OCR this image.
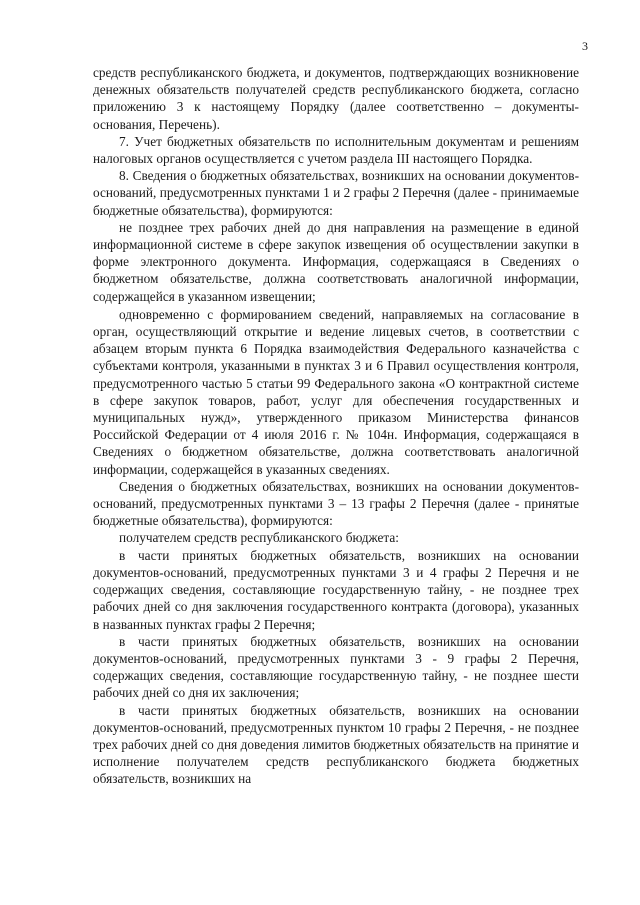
3

средств республиканского бюджета, и документов, подтверждающих возникновение денежных обязательств получателей средств республиканского бюджета, согласно приложению 3 к настоящему Порядку (далее соответственно – документы-основания, Перечень).

7. Учет бюджетных обязательств по исполнительным документам и решениям налоговых органов осуществляется с учетом раздела III настоящего Порядка.

8. Сведения о бюджетных обязательствах, возникших на основании документов-оснований, предусмотренных пунктами 1 и 2 графы 2 Перечня (далее - принимаемые бюджетные обязательства), формируются:

не позднее трех рабочих дней до дня направления на размещение в единой информационной системе в сфере закупок извещения об осуществлении закупки в форме электронного документа. Информация, содержащаяся в Сведениях о бюджетном обязательстве, должна соответствовать аналогичной информации, содержащейся в указанном извещении;

одновременно с формированием сведений, направляемых на согласование в орган, осуществляющий открытие и ведение лицевых счетов, в соответствии с абзацем вторым пункта 6 Порядка взаимодействия Федерального казначейства с субъектами контроля, указанными в пунктах 3 и 6 Правил осуществления контроля, предусмотренного частью 5 статьи 99 Федерального закона «О контрактной системе в сфере закупок товаров, работ, услуг для обеспечения государственных и муниципальных нужд», утвержденного приказом Министерства финансов Российской Федерации от 4 июля 2016 г. № 104н. Информация, содержащаяся в Сведениях о бюджетном обязательстве, должна соответствовать аналогичной информации, содержащейся в указанных сведениях.

Сведения о бюджетных обязательствах, возникших на основании документов-оснований, предусмотренных пунктами 3 – 13 графы 2 Перечня (далее - принятые бюджетные обязательства), формируются:

получателем средств республиканского бюджета:

в части принятых бюджетных обязательств, возникших на основании документов-оснований, предусмотренных пунктами 3 и 4 графы 2 Перечня и не содержащих сведения, составляющие государственную тайну, - не позднее трех рабочих дней со дня заключения государственного контракта (договора), указанных в названных пунктах графы 2 Перечня;

в части принятых бюджетных обязательств, возникших на основании документов-оснований, предусмотренных пунктами 3 - 9 графы 2 Перечня, содержащих сведения, составляющие государственную тайну, - не позднее шести рабочих дней со дня их заключения;

в части принятых бюджетных обязательств, возникших на основании документов-оснований, предусмотренных пунктом 10 графы 2 Перечня, - не позднее трех рабочих дней со дня доведения лимитов бюджетных обязательств на принятие и исполнение получателем средств республиканского бюджета бюджетных обязательств, возникших на
